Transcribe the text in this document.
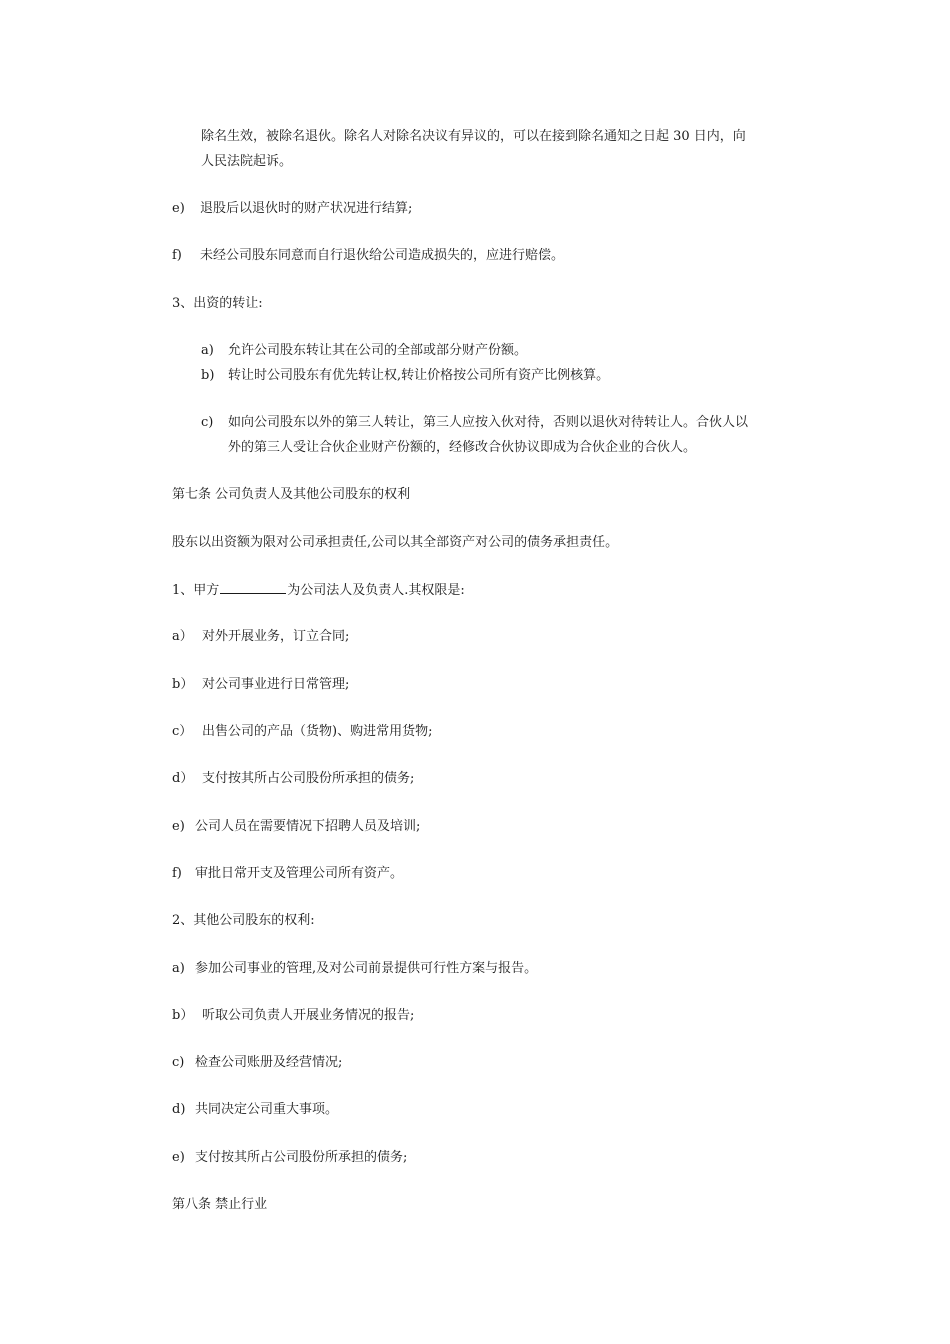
除名生效，被除名退伙。除名人对除名决议有异议的，可以在接到除名通知之日起 30 日内，向
人民法院起诉。
e) 退股后以退伙时的财产状况进行结算;
f) 未经公司股东同意而自行退伙给公司造成损失的，应进行赔偿。
3、出资的转让:
a) 允许公司股东转让其在公司的全部或部分财产份额。
b) 转让时公司股东有优先转让权,转让价格按公司所有资产比例核算。
c) 如向公司股东以外的第三人转让，第三人应按入伙对待，否则以退伙对待转让人。合伙人以
外的第三人受让合伙企业财产份额的，经修改合伙协议即成为合伙企业的合伙人。
第七条 公司负责人及其他公司股东的权利
股东以出资额为限对公司承担责任,公司以其全部资产对公司的债务承担责任。
1、甲方	为公司法人及负责人.其权限是:
a） 对外开展业务，订立合同;
b） 对公司事业进行日常管理;
c） 出售公司的产品（货物)、购进常用货物;
d） 支付按其所占公司股份所承担的债务;
e) 公司人员在需要情况下招聘人员及培训;
f) 审批日常开支及管理公司所有资产。
2、其他公司股东的权利:
a) 参加公司事业的管理,及对公司前景提供可行性方案与报告。
b） 听取公司负责人开展业务情况的报告;
c) 检查公司账册及经营情况;
d) 共同决定公司重大事项。
e) 支付按其所占公司股份所承担的债务;
第八条 禁止行业
